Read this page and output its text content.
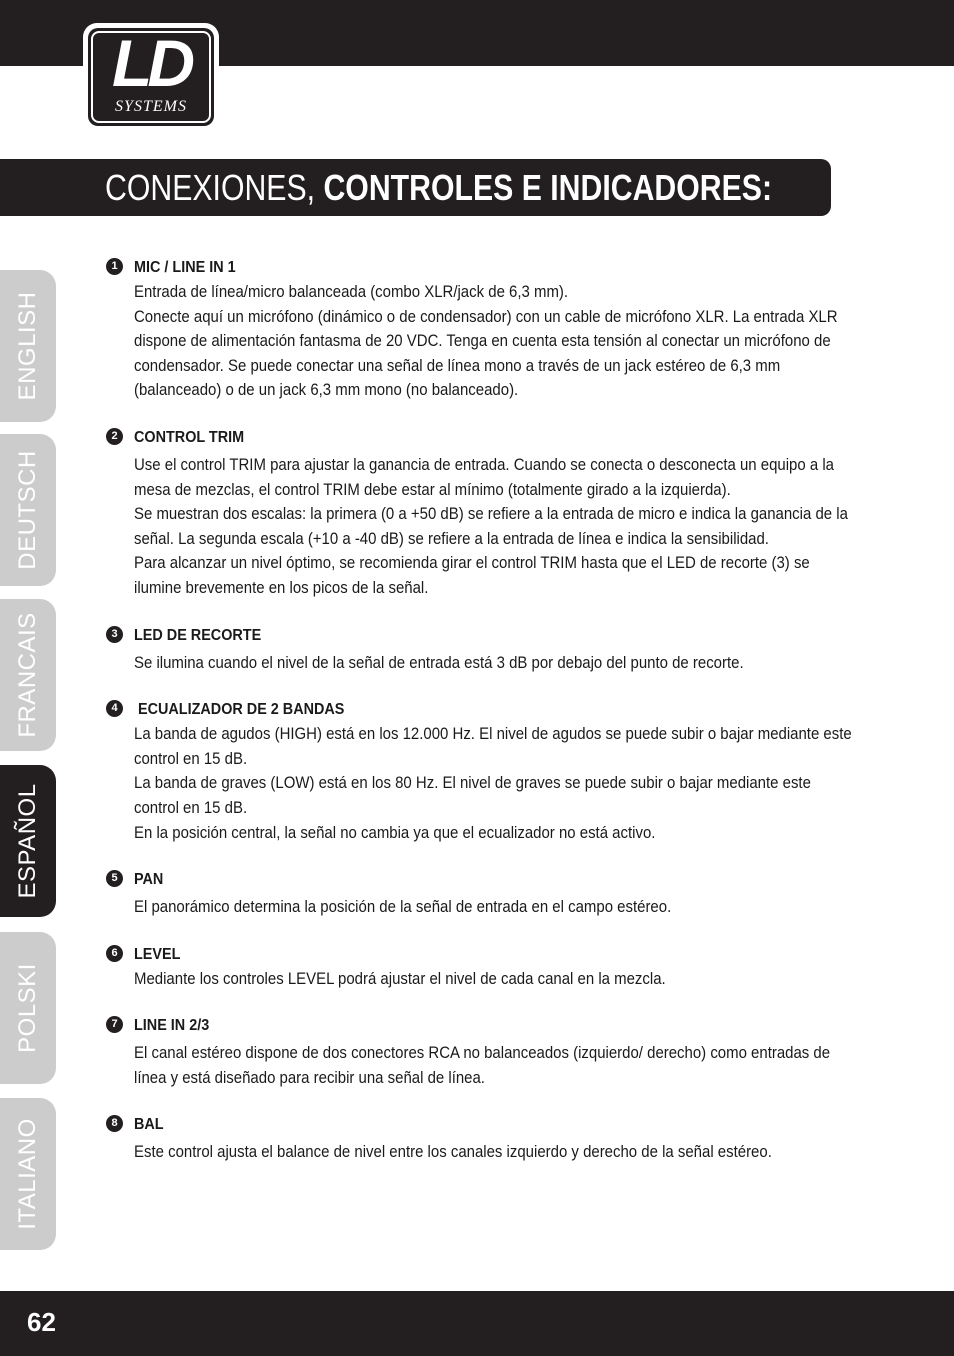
LD
SYSTEMS
CONEXIONES, CONTROLES E INDICADORES:
ENGLISH
DEUTSCH
FRANCAIS
ESPAÑOL
POLSKI
ITALIANO
1	MIC / LINE IN 1

Entrada de línea/micro balanceada (combo XLR/jack de 6,3 mm).

Conecte aquí un micrófono (dinámico o de condensador) con un cable de micrófono XLR. La entrada XLR dispone de alimentación fantasma de 20 VDC. Tenga en cuenta esta tensión al conectar un micrófono de condensador. Se puede conectar una señal de línea mono a través de un jack estéreo de 6,3 mm (balanceado) o de un jack 6,3 mm mono (no balanceado).

2	CONTROL TRIM

Use el control TRIM para ajustar la ganancia de entrada. Cuando se conecta o desconecta un equipo a la mesa de mezclas, el control TRIM debe estar al mínimo (totalmente girado a la izquierda).

Se muestran dos escalas: la primera (0 a +50 dB) se refiere a la entrada de micro e indica la ganancia de la señal. La segunda escala (+10 a -40 dB) se refiere a la entrada de línea e indica la sensibilidad.

Para alcanzar un nivel óptimo, se recomienda girar el control TRIM hasta que el LED de recorte (3) se ilumine brevemente en los picos de la señal.

3	LED DE RECORTE

Se ilumina cuando el nivel de la señal de entrada está 3 dB por debajo del punto de recorte.

4	ECUALIZADOR DE 2 BANDAS

La banda de agudos (HIGH) está en los 12.000 Hz. El nivel de agudos se puede subir o bajar mediante este control en 15 dB.

La banda de graves (LOW) está en los 80 Hz. El nivel de graves se puede subir o bajar mediante este control en 15 dB.

En la posición central, la señal no cambia ya que el ecualizador no está activo.

5	PAN

El panorámico determina la posición de la señal de entrada en el campo estéreo.

6	LEVEL

Mediante los controles LEVEL podrá ajustar el nivel de cada canal en la mezcla.

7	LINE IN 2/3

El canal estéreo dispone de dos conectores RCA no balanceados (izquierdo/ derecho) como entradas de línea y está diseñado para recibir una señal de línea.

8	BAL

Este control ajusta el balance de nivel entre los canales izquierdo y derecho de la señal estéreo.

62
